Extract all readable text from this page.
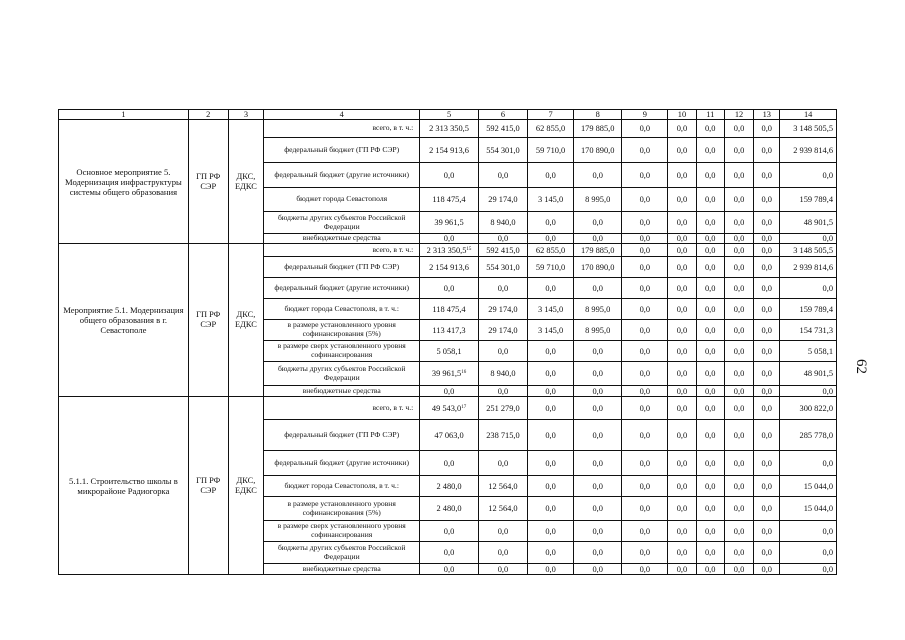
1	2	3	4	5	6	7	8	9	10	11	12	13	14
Основное мероприятие 5. Модернизация инфраструктуры системы общего образования	ГП РФ СЭР	ДКС, ЕДКС	всего, в т. ч.:	2 313 350,5	592 415,0	62 855,0	179 885,0	0,0	0,0	0,0	0,0	0,0	3 148 505,5
			федеральный бюджет (ГП РФ СЭР)	2 154 913,6	554 301,0	59 710,0	170 890,0	0,0	0,0	0,0	0,0	0,0	2 939 814,6
			федеральный бюджет (другие источники)	0,0	0,0	0,0	0,0	0,0	0,0	0,0	0,0	0,0	0,0
			бюджет города Севастополя	118 475,4	29 174,0	3 145,0	8 995,0	0,0	0,0	0,0	0,0	0,0	159 789,4
			бюджеты других субъектов Российской Федерации	39 961,5	8 940,0	0,0	0,0	0,0	0,0	0,0	0,0	0,0	48 901,5
			внебюджетные средства	0,0	0,0	0,0	0,0	0,0	0,0	0,0	0,0	0,0	0,0
Мероприятие 5.1. Модернизация общего образования в г. Севастополе	ГП РФ СЭР	ДКС, ЕДКС	всего, в т. ч.:	2 313 350,5$^{15}$	592 415,0	62 855,0	179 885,0	0,0	0,0	0,0	0,0	0,0	3 148 505,5
			федеральный бюджет (ГП РФ СЭР)	2 154 913,6	554 301,0	59 710,0	170 890,0	0,0	0,0	0,0	0,0	0,0	2 939 814,6
			федеральный бюджет (другие источники)	0,0	0,0	0,0	0,0	0,0	0,0	0,0	0,0	0,0	0,0
			бюджет города Севастополя, в т. ч.:	118 475,4	29 174,0	3 145,0	8 995,0	0,0	0,0	0,0	0,0	0,0	159 789,4
			в размере установленного уровня софинансирования (5%)	113 417,3	29 174,0	3 145,0	8 995,0	0,0	0,0	0,0	0,0	0,0	154 731,3
			в размере сверх установленного уровня софинансирования	5 058,1	0,0	0,0	0,0	0,0	0,0	0,0	0,0	0,0	5 058,1
			бюджеты других субъектов Российской Федерации	39 961,5$^{16}$	8 940,0	0,0	0,0	0,0	0,0	0,0	0,0	0,0	48 901,5
			внебюджетные средства	0,0	0,0	0,0	0,0	0,0	0,0	0,0	0,0	0,0	0,0
5.1.1. Строительство школы в микрорайоне Радиогорка	ГП РФ СЭР	ДКС, ЕДКС	всего, в т. ч.:	49 543,0$^{17}$	251 279,0	0,0	0,0	0,0	0,0	0,0	0,0	0,0	300 822,0
			федеральный бюджет (ГП РФ СЭР)	47 063,0	238 715,0	0,0	0,0	0,0	0,0	0,0	0,0	0,0	285 778,0
			федеральный бюджет (другие источники)	0,0	0,0	0,0	0,0	0,0	0,0	0,0	0,0	0,0	0,0
			бюджет города Севастополя, в т. ч.:	2 480,0	12 564,0	0,0	0,0	0,0	0,0	0,0	0,0	0,0	15 044,0
			в размере установленного уровня софинансирования (5%)	2 480,0	12 564,0	0,0	0,0	0,0	0,0	0,0	0,0	0,0	15 044,0
			в размере сверх установленного уровня софинансирования	0,0	0,0	0,0	0,0	0,0	0,0	0,0	0,0	0,0	0,0
			бюджеты других субъектов Российской Федерации	0,0	0,0	0,0	0,0	0,0	0,0	0,0	0,0	0,0	0,0
			внебюджетные средства	0,0	0,0	0,0	0,0	0,0	0,0	0,0	0,0	0,0	0,0
62
